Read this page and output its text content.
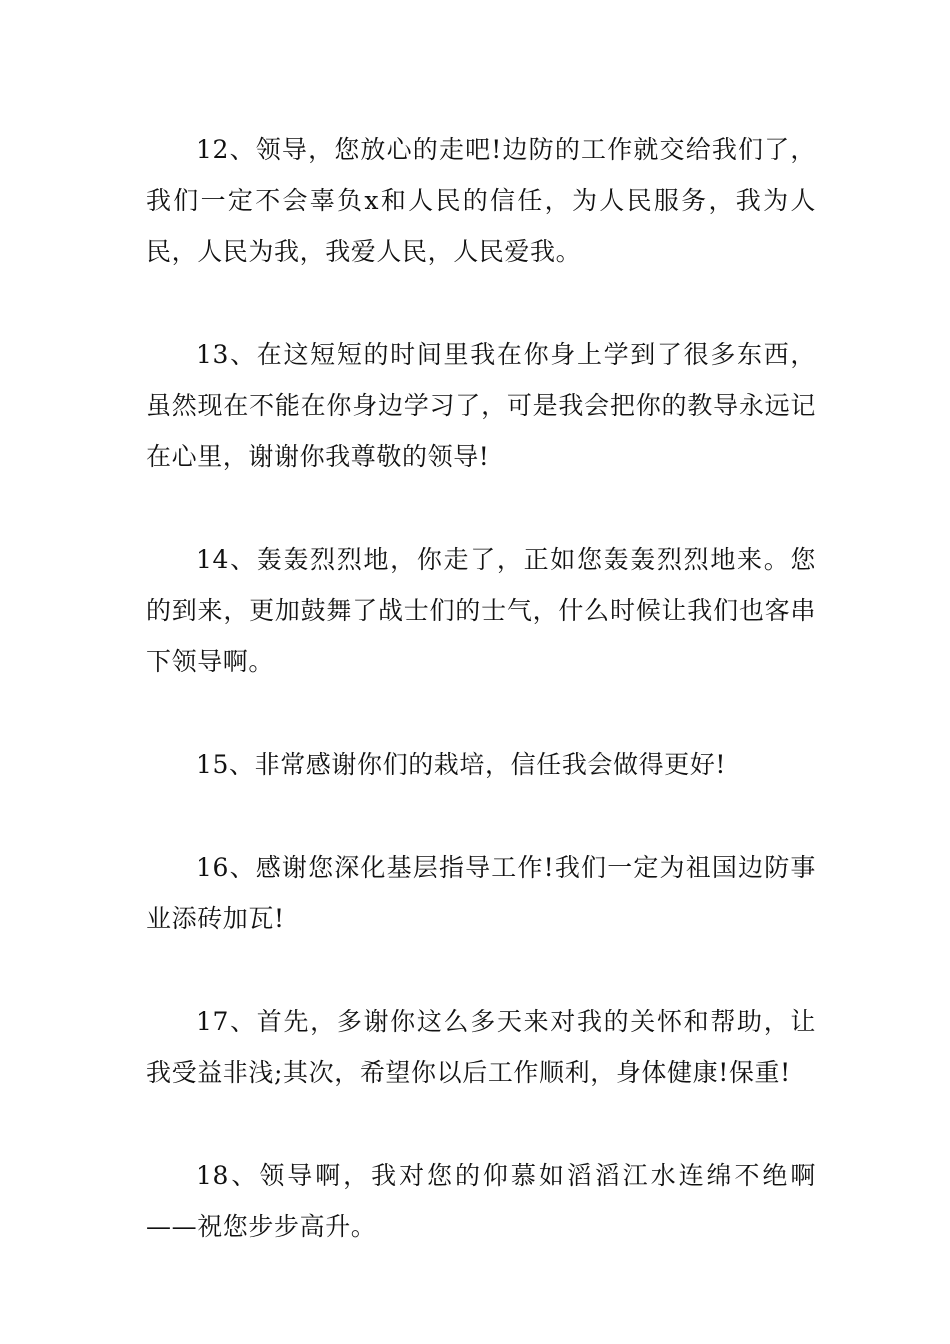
12、领导，您放心的走吧!边防的工作就交给我们了，我们一定不会辜负x和人民的信任，为人民服务，我为人民，人民为我，我爱人民，人民爱我。

13、在这短短的时间里我在你身上学到了很多东西，虽然现在不能在你身边学习了，可是我会把你的教导永远记在心里，谢谢你我尊敬的领导!

14、轰轰烈烈地，你走了，正如您轰轰烈烈地来。您的到来，更加鼓舞了战士们的士气，什么时候让我们也客串下领导啊。

15、非常感谢你们的栽培，信任我会做得更好!

16、感谢您深化基层指导工作!我们一定为祖国边防事业添砖加瓦!

17、首先，多谢你这么多天来对我的关怀和帮助，让我受益非浅;其次，希望你以后工作顺利，身体健康!保重!

18、领导啊，我对您的仰慕如滔滔江水连绵不绝啊——祝您步步高升。
